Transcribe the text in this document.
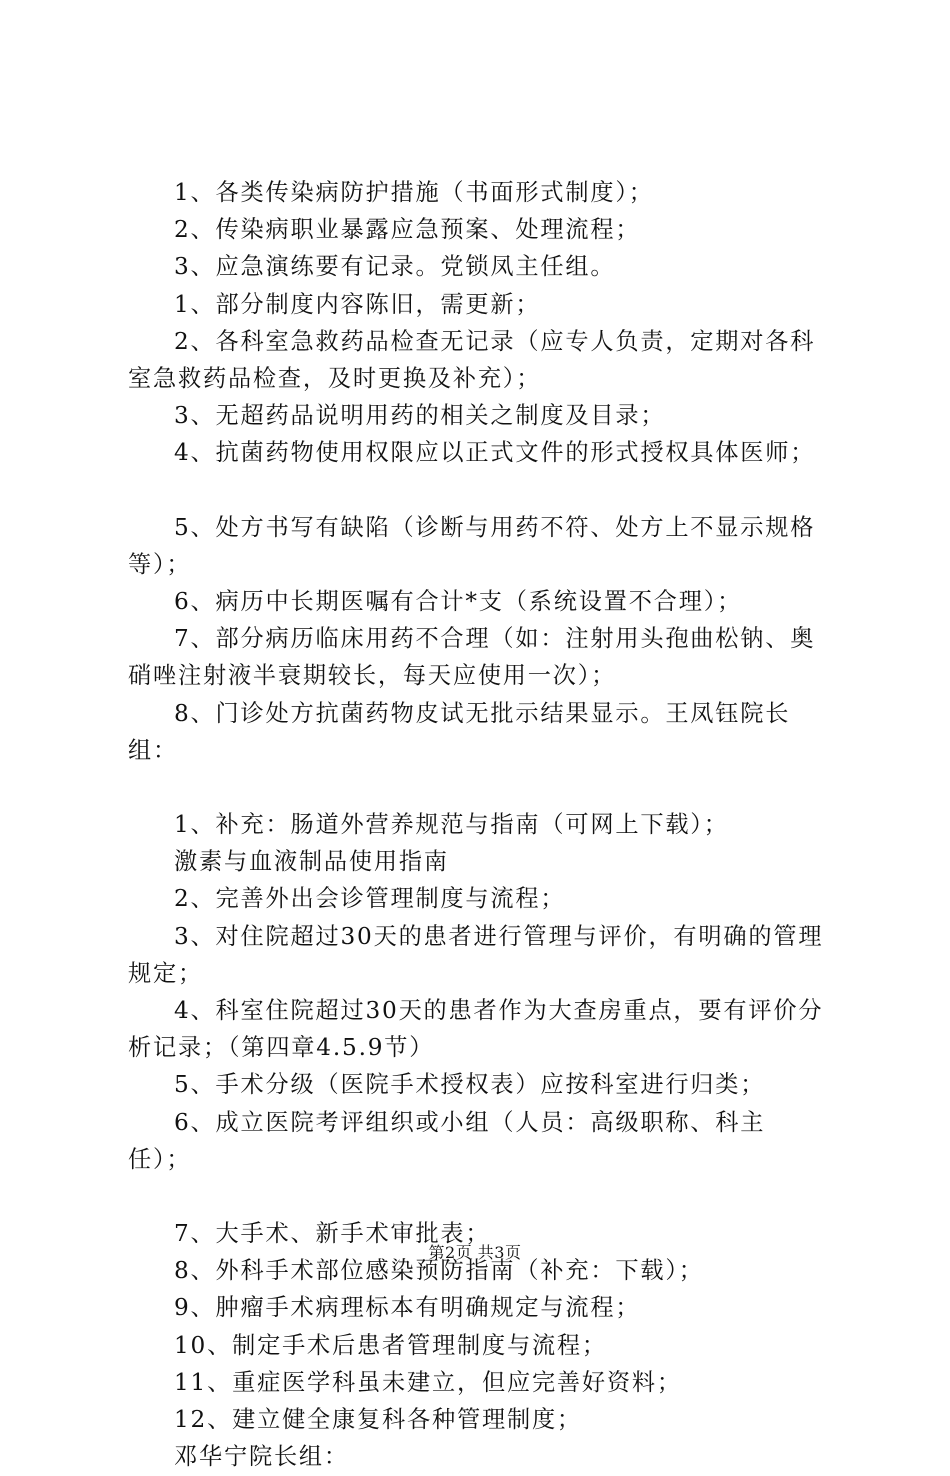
1、各类传染病防护措施（书面形式制度）；

2、传染病职业暴露应急预案、处理流程；

3、应急演练要有记录。党锁凤主任组。

1、部分制度内容陈旧，需更新；

2、各科室急救药品检查无记录（应专人负责，定期对各科室急救药品检查，及时更换及补充）；

3、无超药品说明用药的相关之制度及目录；

4、抗菌药物使用权限应以正式文件的形式授权具体医师；

5、处方书写有缺陷（诊断与用药不符、处方上不显示规格等）；

6、病历中长期医嘱有合计*支（系统设置不合理）；

7、部分病历临床用药不合理（如：注射用头孢曲松钠、奥硝唑注射液半衰期较长，每天应使用一次）；

8、门诊处方抗菌药物皮试无批示结果显示。王凤钰院长组：

1、补充：肠道外营养规范与指南（可网上下载）；

激素与血液制品使用指南

2、完善外出会诊管理制度与流程；

3、对住院超过30天的患者进行管理与评价，有明确的管理规定；

4、科室住院超过30天的患者作为大查房重点，要有评价分析记录；（第四章4.5.9节）

5、手术分级（医院手术授权表）应按科室进行归类；

6、成立医院考评组织或小组（人员：高级职称、科主任）；

7、大手术、新手术审批表；

8、外科手术部位感染预防指南（补充：下载）；

9、肿瘤手术病理标本有明确规定与流程；

10、制定手术后患者管理制度与流程；

11、重症医学科虽未建立，但应完善好资料；

12、建立健全康复科各种管理制度；

邓华宁院长组：

第2页 共3页
